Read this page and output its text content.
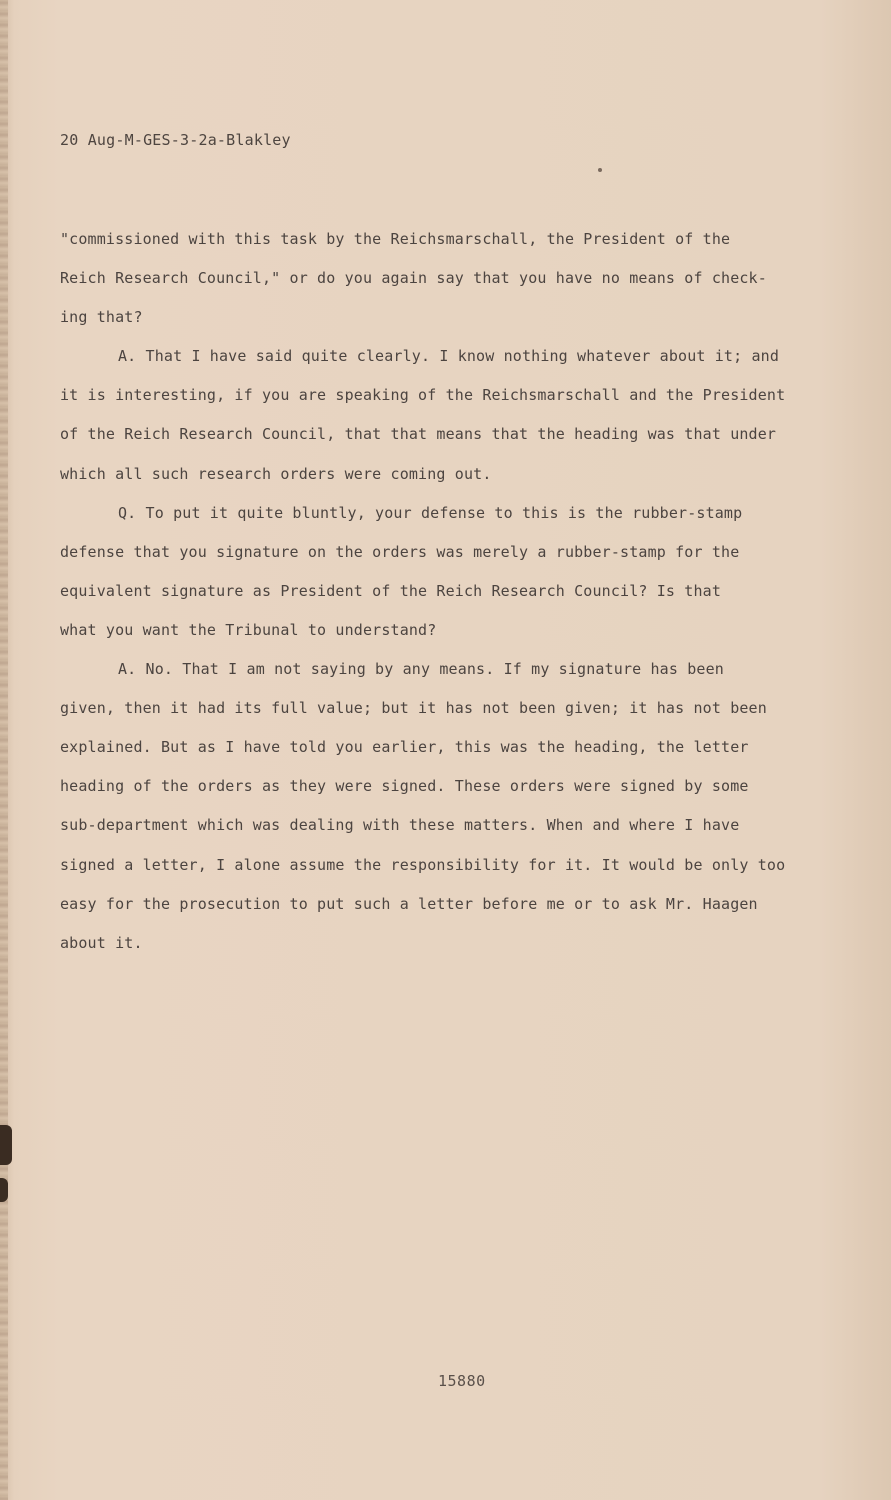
20 Aug-M-GES-3-2a-Blakley
"commissioned with this task by the Reichsmarschall, the President of the
Reich Research Council," or do you again say that you have no means of check-
ing that?
A. That I have said quite clearly. I know nothing whatever about it; and
it is interesting, if you are speaking of the Reichsmarschall and the President
of the Reich Research Council, that that means that the heading was that under
which all such research orders were coming out.
Q. To put it quite bluntly, your defense to this is the rubber-stamp
defense that you signature on the orders was merely a rubber-stamp for the
equivalent signature as President of the Reich Research Council? Is that
what you want the Tribunal to understand?
A. No. That I am not saying by any means. If my signature has been
given, then it had its full value; but it has not been given; it has not been
explained. But as I have told you earlier, this was the heading, the letter
heading of the orders as they were signed. These orders were signed by some
sub-department which was dealing with these matters. When and where I have
signed a letter, I alone assume the responsibility for it. It would be only too
easy for the prosecution to put such a letter before me or to ask Mr. Haagen
about it.
15880
